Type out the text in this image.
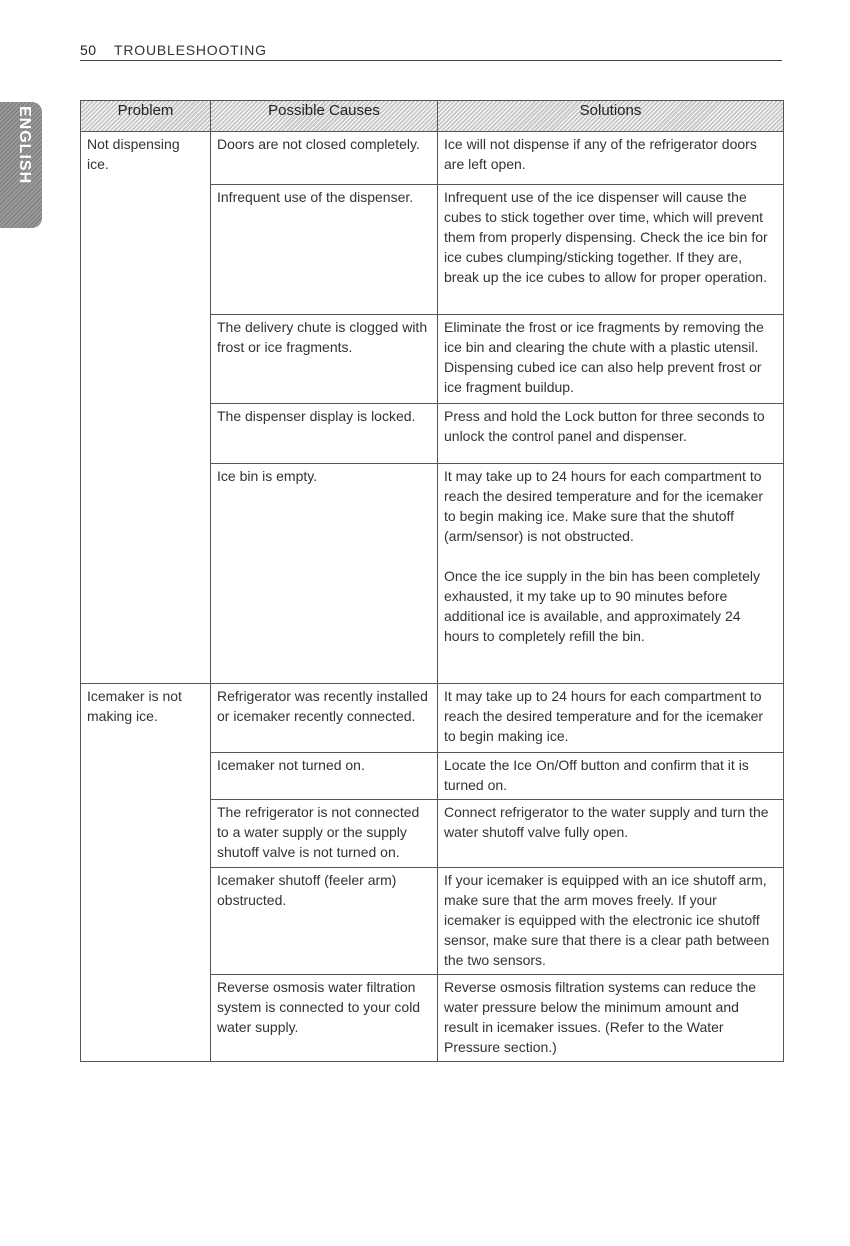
50 TROUBLESHOOTING
ENGLISH	Problem	Possible Causes	Solutions

Not dispensing ice.	Doors are not closed completely.	Ice will not dispense if any of the refrigerator doors are left open.

	Infrequent use of the dispenser.	Infrequent use of the ice dispenser will cause the cubes to stick together over time, which will prevent them from properly dispensing. Check the ice bin for ice cubes clumping/sticking together. If they are, break up the ice cubes to allow for proper operation.

	The delivery chute is clogged with frost or ice fragments.	Eliminate the frost or ice fragments by removing the ice bin and clearing the chute with a plastic utensil. Dispensing cubed ice can also help prevent frost or ice fragment buildup.

	The dispenser display is locked.	Press and hold the Lock button for three seconds to unlock the control panel and dispenser.

	Ice bin is empty.	It may take up to 24 hours for each compartment to reach the desired temperature and for the icemaker to begin making ice. Make sure that the shutoff (arm/sensor) is not obstructed.

Once the ice supply in the bin has been completely exhausted, it my take up to 90 minutes before additional ice is available, and approximately 24 hours to completely refill the bin.

Icemaker is not making ice.	Refrigerator was recently installed or icemaker recently connected.	It may take up to 24 hours for each compartment to reach the desired temperature and for the icemaker to begin making ice.

	Icemaker not turned on.	Locate the Ice On/Off button and confirm that it is turned on.

	The refrigerator is not connected to a water supply or the supply shutoff valve is not turned on.	Connect refrigerator to the water supply and turn the water shutoff valve fully open.

	Icemaker shutoff (feeler arm) obstructed.	If your icemaker is equipped with an ice shutoff arm, make sure that the arm moves freely. If your icemaker is equipped with the electronic ice shutoff sensor, make sure that there is a clear path between the two sensors.

	Reverse osmosis water filtration system is connected to your cold water supply.	Reverse osmosis filtration systems can reduce the water pressure below the minimum amount and result in icemaker issues. (Refer to the Water Pressure section.)
